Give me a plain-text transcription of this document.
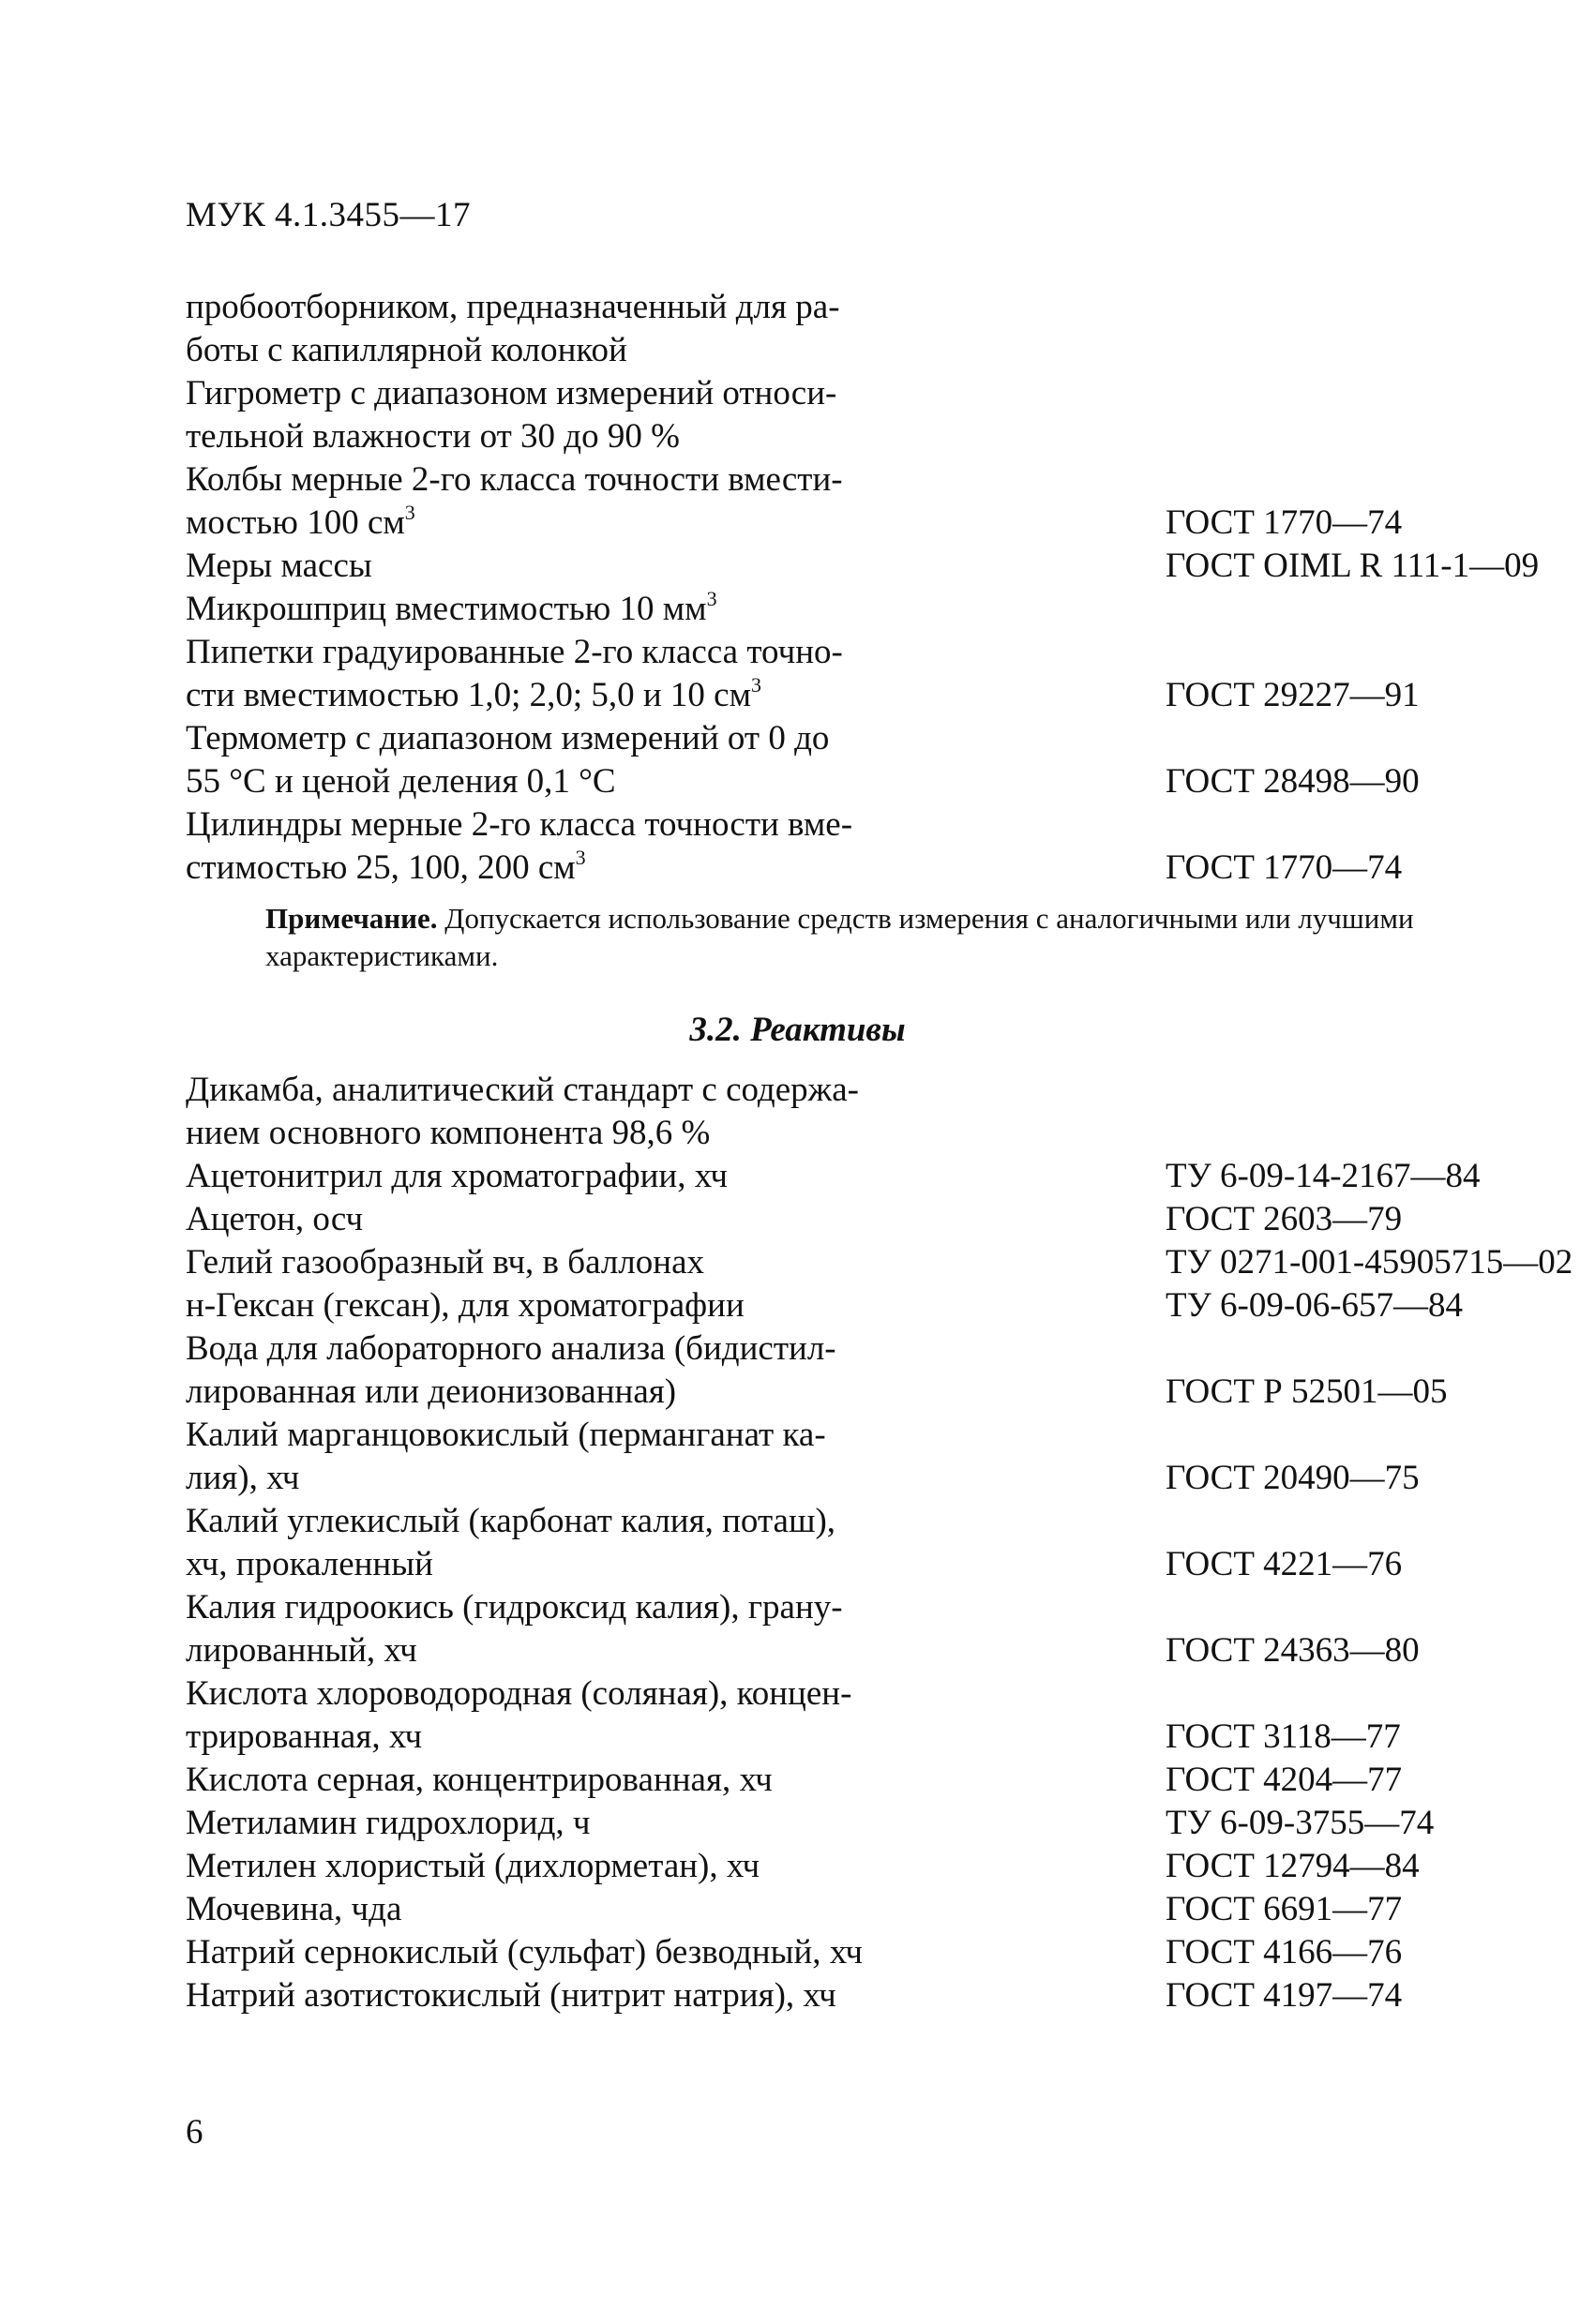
МУК 4.1.3455—17
пробоотборником, предназначенный для ра-
боты с капиллярной колонкой
Гигрометр с диапазоном измерений относи-
тельной влажности от 30 до 90 %
Колбы мерные 2-го класса точности вмести-
мостью 100 $см^3$	ГОСТ 1770—74
Меры массы	ГОСТ OIML R 111-1—09
Микрошприц вместимостью 10 $мм^3$
Пипетки градуированные 2-го класса точно-
сти вместимостью 1,0; 2,0; 5,0 и 10 $см^3$	ГОСТ 29227—91
Термометр с диапазоном измерений от 0 до
55 °С и ценой деления 0,1 °С	ГОСТ 28498—90
Цилиндры мерные 2-го класса точности вме-
стимостью 25, 100, 200 $см^3$	ГОСТ 1770—74
Примечание. Допускается использование средств измерения с аналогичными или лучшими характеристиками.
3.2. Реактивы
Дикамба, аналитический стандарт с содержа-
нием основного компонента 98,6 %
Ацетонитрил для хроматографии, хч	ТУ 6-09-14-2167—84
Ацетон, осч	ГОСТ 2603—79
Гелий газообразный вч, в баллонах	ТУ 0271-001-45905715—02
н-Гексан (гексан), для хроматографии	ТУ 6-09-06-657—84
Вода для лабораторного анализа (бидистил-
лированная или деионизованная)	ГОСТ Р 52501—05
Калий марганцовокислый (перманганат ка-
лия), хч	ГОСТ 20490—75
Калий углекислый (карбонат калия, поташ),
хч, прокаленный	ГОСТ 4221—76
Калия гидроокись (гидроксид калия), грану-
лированный, хч	ГОСТ 24363—80
Кислота хлороводородная (соляная), концен-
трированная, хч	ГОСТ 3118—77
Кислота серная, концентрированная, хч	ГОСТ 4204—77
Метиламин гидрохлорид, ч	ТУ 6-09-3755—74
Метилен хлористый (дихлорметан), хч	ГОСТ 12794—84
Мочевина, чда	ГОСТ 6691—77
Натрий сернокислый (сульфат) безводный, хч	ГОСТ 4166—76
Натрий азотистокислый (нитрит натрия), хч	ГОСТ 4197—74
6
